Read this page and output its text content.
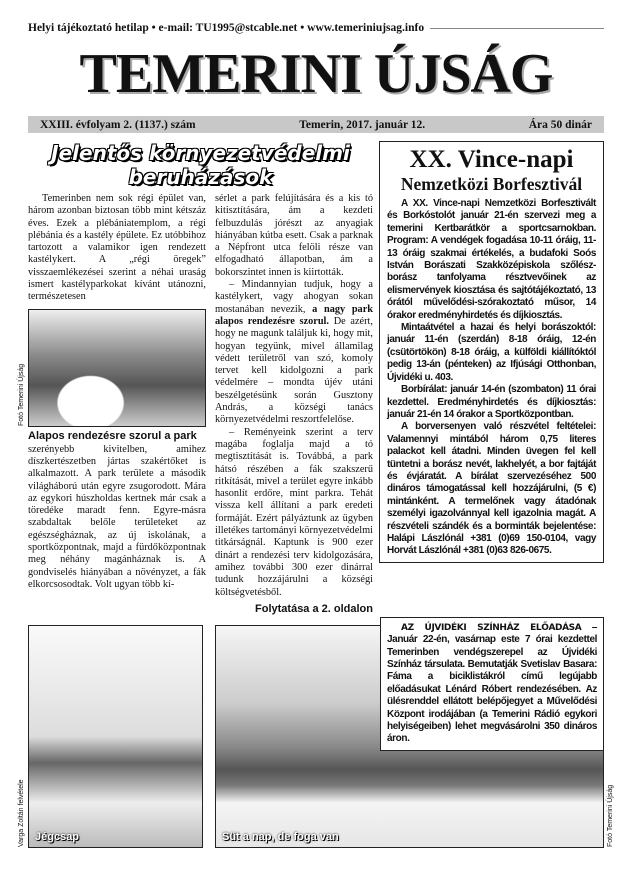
Helyi tájékoztató hetilap • e-mail: TU1995@stcable.net • www.temeriniujsag.info
TEMERINI ÚJSÁG
XXIII. évfolyam 2. (1137.) szám	Temerin, 2017. január 12.	Ára 50 dinár
Jelentős környezetvédelmi beruházások

Temerinben nem sok régi épület van, három azonban biztosan több mint kétszáz éves. Ezek a plébániatemplom, a régi plébánia és a kastély épülete. Ez utóbbihoz tartozott a valamikor igen rendezett kastélykert. A „régi öregek” visszaemlékezései szerint a néhai uraság ismert kastélyparkokat kívánt utánozni, természetesen

Fotó Temerini Újság
Alapos rendezésre szorul a park

szerényebb kivitelben, amihez díszkertészetben jártas szakértőket is alkalmazott. A park területe a második világháború után egyre zsugorodott. Mára az egykori húszholdas kertnek már csak a töredéke maradt fenn. Egyre-másra szabdaltak belőle területeket az egészségháznak, az új iskolának, a sportközpontnak, majd a fürdőközpontnak meg néhány magánháznak is. A gondviselés hiányában a növényzet, a fák elkorcsosodtak. Volt ugyan több kí-

sérlet a park felújítására és a kis tó kitisztítására, ám a kezdeti felbuzdulás jórészt az anyagiak hiányában kútba esett. Csak a parknak a Népfront utca felöli része van elfogadható állapotban, ám a bokorszintet innen is kiirtották.

– Mindannyian tudjuk, hogy a kastélykert, vagy ahogyan sokan mostanában nevezik, a nagy park alapos rendezésre szorul. De azért, hogy ne magunk találjuk ki, hogy mit, hogyan tegyünk, mivel államilag védett területről van szó, komoly tervet kell kidolgozni a park védelmére – mondta újév utáni beszélgetésünk során Gusztony András, a községi tanács környezetvédelmi reszortfelelőse.

– Reményeink szerint a terv magába foglalja majd a tó megtisztítását is. Továbbá, a park hátsó részében a fák szakszerű ritkítását, mivel a terület egyre inkább hasonlít erdőre, mint parkra. Tehát vissza kell állítani a park eredeti formáját. Ezért pályáztunk az ügyben illetékes tartományi környezetvédelmi titkárságnál. Kaptunk is 900 ezer dinárt a rendezési terv kidolgozására, amihez további 300 ezer dinárral tudunk hozzájárulni a községi költségvetésből.

Folytatása a 2. oldalon
XX. Vince-napi
Nemzetközi Borfesztivál

A XX. Vince-napi Nemzetközi Borfesztivált és Borkóstolót január 21-én szervezi meg a temerini Kertbarátkör a sportcsarnokban. Program: A vendégek fogadása 10-11 óráig, 11-13 óráig szakmai értékelés, a budafoki Soós István Borászati Szakközépiskola szőlész-borász tanfolyama résztvevőinek az elismervények kiosztása és sajtótájékoztató, 13 órától művelődési-szórakoztató műsor, 14 órakor eredményhirdetés és díjkiosztás.

Mintaátvétel a hazai és helyi borászoktól: január 11-én (szerdán) 8-18 óráig, 12-én (csütörtökön) 8-18 óráig, a külföldi kiállítóktól pedig 13-án (pénteken) az Ifjúsági Otthonban, Újvidéki u. 403.

Borbírálat: január 14-én (szombaton) 11 órai kezdettel. Eredményhirdetés és díjkiosztás: január 21-én 14 órakor a Sportközpontban.

A borversenyen való részvétel feltételei: Valamennyi mintából három 0,75 literes palackot kell átadni. Minden üvegen fel kell tüntetni a borász nevét, lakhelyét, a bor fajtáját és évjáratát. A bírálat szervezéséhez 500 dináros támogatással kell hozzájárulni, (5 €) mintánként. A termelőnek vagy átadónak személyi igazolvánnyal kell igazolnia magát. A részvételi szándék és a borminták bejelentése: Halápi Lászlónál +381 (0)69 150-0104, vagy Horvát Lászlónál +381 (0)63 826-0675.

Jégcsap
Varga Zoltán felvétele	Süt a nap, de foga van	Fotó Temerini Újság

AZ ÚJVIDÉKI SZÍNHÁZ ELŐADÁSA – Január 22-én, vasárnap este 7 órai kezdettel Temerinben vendégszerepel az Újvidéki Színház társulata. Bemutatják Svetislav Basara: Fáma a biciklistákról című legújabb előadásukat Lénárd Róbert rendezésében. Az ülésrenddel ellátott belépőjegyet a Művelődési Központ irodájában (a Temerini Rádió egykori helyiségeiben) lehet megvásárolni 350 dináros áron.
